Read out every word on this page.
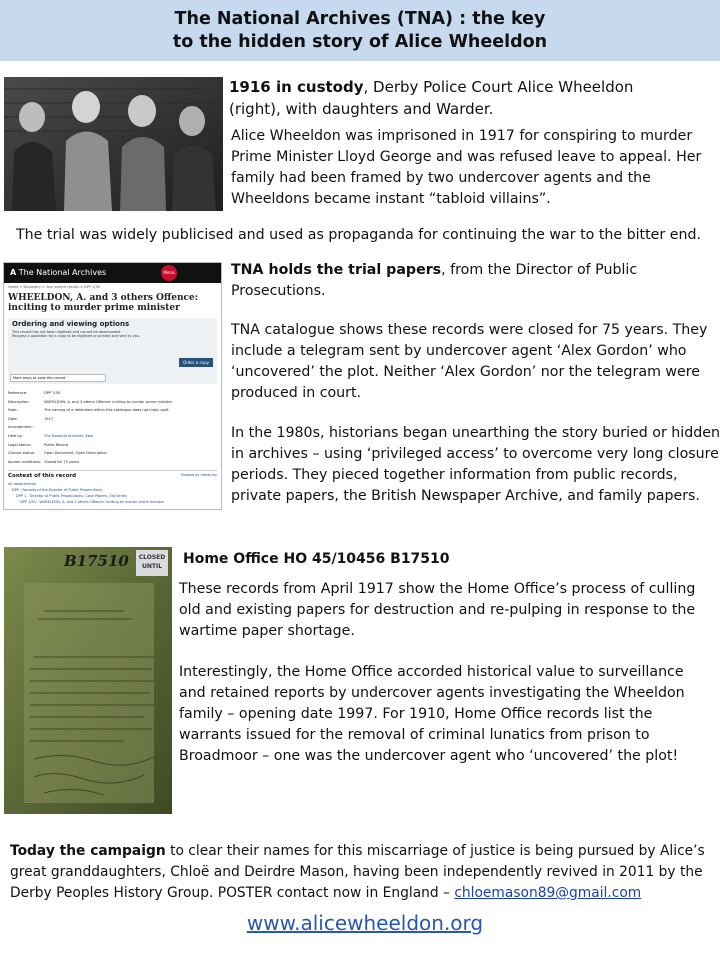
The National Archives (TNA) : the key
to the hidden story of Alice Wheeldon
1916 in custody, Derby Police Court Alice Wheeldon
(right), with daughters and Warder.
Alice Wheeldon was imprisoned in 1917 for conspiring to murder
Prime Minister Lloyd George and was refused leave to appeal. Her
family had been framed by two undercover agents and the
Wheeldons became instant “tabloid villains”.
The trial was widely publicised and used as propaganda for continuing the war to the bitter end.
A The National Archives	Menu
Home > Discovery > Your search results > DPP 1/50
WHEELDON, A. and 3 others Offence: inciting to murder prime minister
Ordering and viewing options
This record has not been digitised and cannot be downloaded.
Request a quotation for a copy to be digitised or printed and sent to you.
Order a copy
More ways to view this record
Reference:	DPP 1/50
Description:	WHEELDON, A. and 3 others Offence: inciting to murder prime minister
Note:	The naming of a defendant within this catalogue does not imply guilt.
Date:	1917
Arrangement:
Held by:	The National Archives, Kew
Legal status:	Public Record
Closure status:	Open Document, Open Description
Access conditions: Closed for 75 years
Context of this record	Browse by hierarchy
All departments
DPP - Records of the Director of Public Prosecutions
DPP 1 - Director of Public Prosecutions: Case Papers, Old Series
DPP 1/50 - WHEELDON, A. and 3 others Offence: inciting to murder prime minister
TNA holds the trial papers, from the Director of Public
Prosecutions.
TNA catalogue shows these records were closed for 75 years. They
include a telegram sent by undercover agent ‘Alex Gordon’ who
‘uncovered’ the plot. Neither ‘Alex Gordon’ nor the telegram were
produced in court.
In the 1980s, historians began unearthing the story buried or hidden
in archives – using ‘privileged access’ to overcome very long closure
periods. They pieced together information from public records,
private papers, the British Newspaper Archive, and family papers.
B17510	CLOSED
UNTIL	Home Office HO 45/10456 B17510
These records from April 1917 show the Home Office’s process of culling
old and existing papers for destruction and re-pulping in response to the
wartime paper shortage.
Interestingly, the Home Office accorded historical value to surveillance
and retained reports by undercover agents investigating the Wheeldon
family – opening date 1997. For 1910, Home Office records list the
warrants issued for the removal of criminal lunatics from prison to
Broadmoor – one was the undercover agent who ‘uncovered’ the plot!
Today the campaign to clear their names for this miscarriage of justice is being pursued by Alice’s
great granddaughters, Chloë and Deirdre Mason, having been independently revived in 2011 by the
Derby Peoples History Group. POSTER contact now in England – chloemason89@gmail.com
www.alicewheeldon.org
